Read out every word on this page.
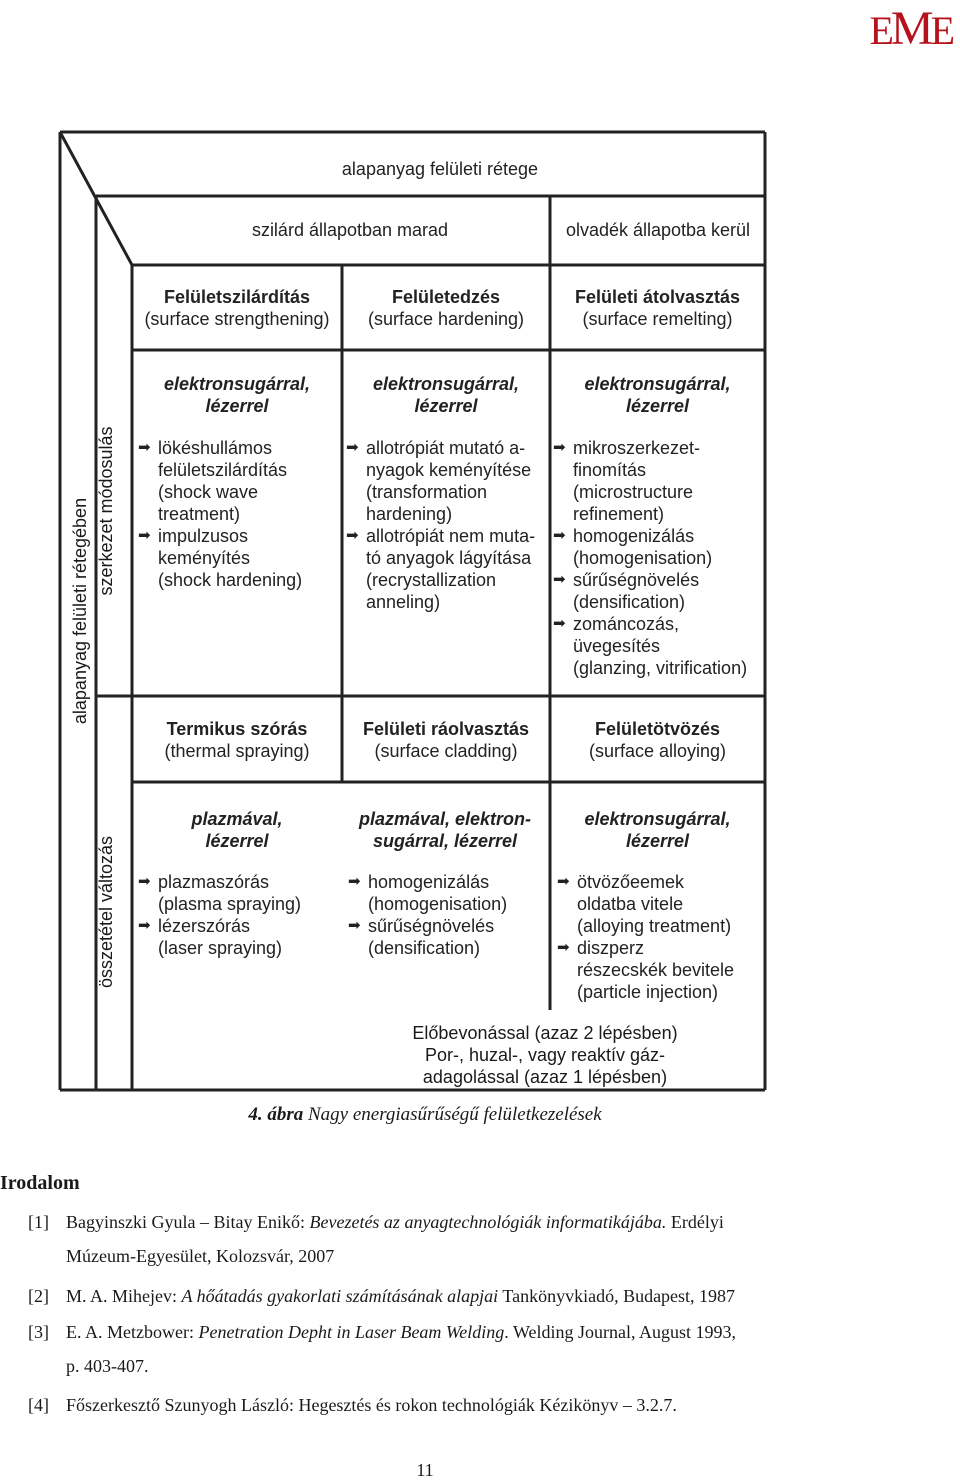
EME
alapanyag felületi rétege
szilárd állapotban marad	olvadék állapotba kerül
alapanyag felületi rétegében szerkezet módosulás
összetétel változás
Felületszilárdítás
(surface strengthening)
Felületedzés
(surface hardening)
Felületi átolvasztás
(surface remelting)
elektronsugárral,
lézerrel
elektronsugárral,
lézerrel
elektronsugárral,
lézerrel
➡ lökéshullámos
felületszilárdítás
(shock wave
treatment)
➡ impulzusos
keményítés
(shock hardening)
➡ allotrópiát mutató a-
nyagok keményítése
(transformation
hardening)
➡ allotrópiát nem muta-
tó anyagok lágyítása
(recrystallization
anneling)
➡ mikroszerkezet-
finomítás
(microstructure
refinement)
➡ homogenizálás
(homogenisation)
➡ sűrűségnövelés
(densification)
➡ zománcozás,
üvegesítés
(glanzing, vitrification)
Termikus szórás
(thermal spraying)
Felületi ráolvasztás
(surface cladding)
Felületötvözés
(surface alloying)
plazmával,
lézerrel
plazmával, elektron-
sugárral, lézerrel
elektronsugárral,
lézerrel
➡ plazmaszórás
(plasma spraying)
➡ lézerszórás
(laser spraying)
➡ homogenizálás
(homogenisation)
➡ sűrűségnövelés
(densification)
➡ ötvözőeemek
oldatba vitele
(alloying treatment)
➡ diszperz
részecskék bevitele
(particle injection)
Előbevonással (azaz 2 lépésben)
Por-, huzal-, vagy reaktív gáz-
adagolással (azaz 1 lépésben)
4. ábra Nagy energiasűrűségű felületkezelések
Irodalom
[1] Bagyinszki Gyula – Bitay Enikő: Bevezetés az anyagtechnológiák informatikájába. Erdélyi
Múzeum-Egyesület, Kolozsvár, 2007
[2] M. A. Mihejev: A hőátadás gyakorlati számításának alapjai Tankönyvkiadó, Budapest, 1987
[3] E. A. Metzbower: Penetration Depht in Laser Beam Welding. Welding Journal, August 1993,
p. 403-407.
[4] Főszerkesztő Szunyogh László: Hegesztés és rokon technológiák Kézikönyv – 3.2.7.
11
